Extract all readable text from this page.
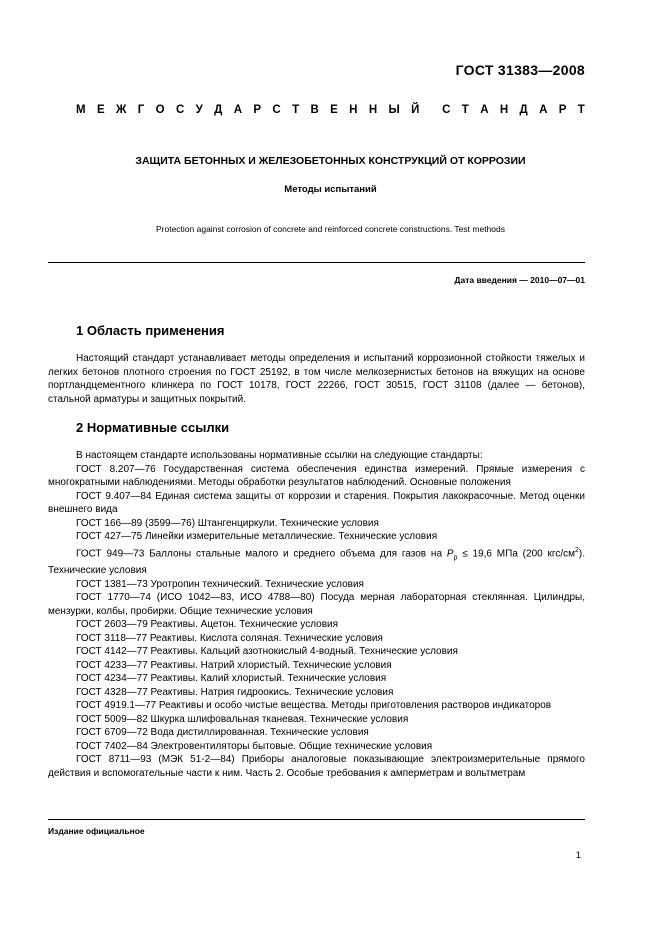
ГОСТ 31383—2008
М Е Ж Г О С У Д А Р С Т В Е Н Н Ы Й С Т А Н Д А Р Т
ЗАЩИТА БЕТОННЫХ И ЖЕЛЕЗОБЕТОННЫХ КОНСТРУКЦИЙ ОТ КОРРОЗИИ
Методы испытаний
Protection against corrosion of concrete and reinforced concrete constructions. Test methods
Дата введения — 2010—07—01
1 Область применения

Настоящий стандарт устанавливает методы определения и испытаний коррозионной стойкости тяжелых и легких бетонов плотного строения по ГОСТ 25192, в том числе мелкозернистых бетонов на вяжущих на основе портландцементного клинкера по ГОСТ 10178, ГОСТ 22266, ГОСТ 30515, ГОСТ 31108 (далее — бетонов), стальной арматуры и защитных покрытий.

2 Нормативные ссылки

В настоящем стандарте использованы нормативные ссылки на следующие стандарты:

ГОСТ 8.207—76 Государственная система обеспечения единства измерений. Прямые измерения с многократными наблюдениями. Методы обработки результатов наблюдений. Основные положения

ГОСТ 9.407—84 Единая система защиты от коррозии и старения. Покрытия лакокрасочные. Метод оценки внешнего вида

ГОСТ 166—89 (3599—76) Штангенциркули. Технические условия

ГОСТ 427—75 Линейки измерительные металлические. Технические условия

ГОСТ 949—73 Баллоны стальные малого и среднего объема для газов на $P_р \le 19,6$ МПа (200 кгс/$см^2$). Технические условия

ГОСТ 1381—73 Уротропин технический. Технические условия

ГОСТ 1770—74 (ИСО 1042—83, ИСО 4788—80) Посуда мерная лабораторная стеклянная. Цилиндры, мензурки, колбы, пробирки. Общие технические условия

ГОСТ 2603—79 Реактивы. Ацетон. Технические условия

ГОСТ 3118—77 Реактивы. Кислота соляная. Технические условия

ГОСТ 4142—77 Реактивы. Кальций азотнокислый 4-водный. Технические условия

ГОСТ 4233—77 Реактивы. Натрий хлористый. Технические условия

ГОСТ 4234—77 Реактивы. Калий хлористый. Технические условия

ГОСТ 4328—77 Реактивы. Натрия гидроокись. Технические условия

ГОСТ 4919.1—77 Реактивы и особо чистые вещества. Методы приготовления растворов индикаторов

ГОСТ 5009—82 Шкурка шлифовальная тканевая. Технические условия

ГОСТ 6709—72 Вода дистиллированная. Технические условия

ГОСТ 7402—84 Электровентиляторы бытовые. Общие технические условия

ГОСТ 8711—93 (МЭК 51-2—84) Приборы аналоговые показывающие электроизмерительные прямого действия и вспомогательные части к ним. Часть 2. Особые требования к амперметрам и вольтметрам

Издание официальное
1
